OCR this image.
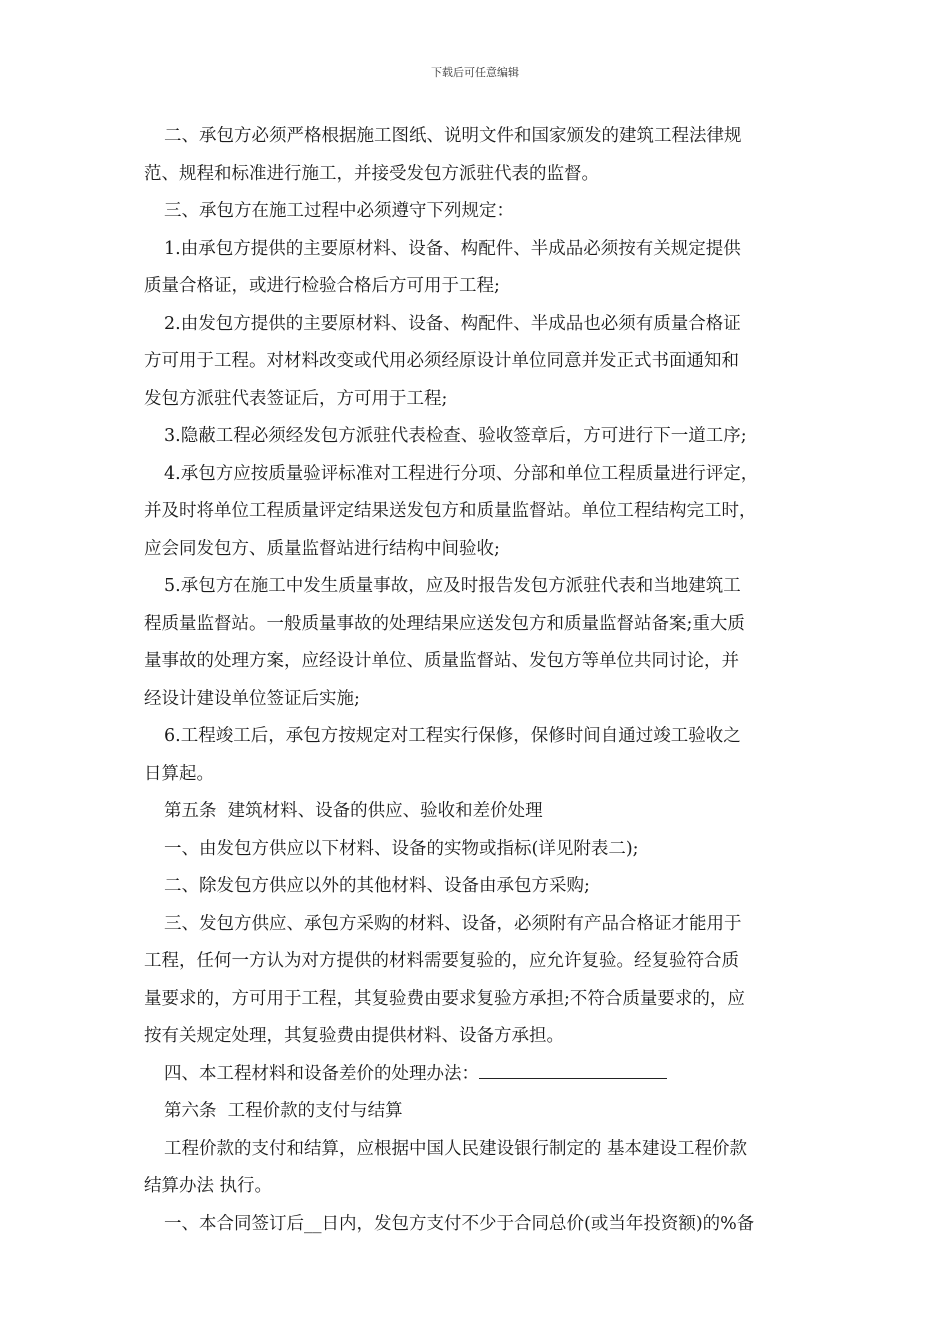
下载后可任意编辑
二、承包方必须严格根据施工图纸、说明文件和国家颁发的建筑工程法律规
范、规程和标准进行施工，并接受发包方派驻代表的监督。
三、承包方在施工过程中必须遵守下列规定：
1.由承包方提供的主要原材料、设备、构配件、半成品必须按有关规定提供
质量合格证，或进行检验合格后方可用于工程;
2.由发包方提供的主要原材料、设备、构配件、半成品也必须有质量合格证
方可用于工程。对材料改变或代用必须经原设计单位同意并发正式书面通知和
发包方派驻代表签证后，方可用于工程;
3.隐蔽工程必须经发包方派驻代表检查、验收签章后，方可进行下一道工序;
4.承包方应按质量验评标准对工程进行分项、分部和单位工程质量进行评定，
并及时将单位工程质量评定结果送发包方和质量监督站。单位工程结构完工时，
应会同发包方、质量监督站进行结构中间验收;
5.承包方在施工中发生质量事故，应及时报告发包方派驻代表和当地建筑工
程质量监督站。一般质量事故的处理结果应送发包方和质量监督站备案;重大质
量事故的处理方案，应经设计单位、质量监督站、发包方等单位共同讨论，并
经设计建设单位签证后实施;
6.工程竣工后，承包方按规定对工程实行保修，保修时间自通过竣工验收之
日算起。
第五条  建筑材料、设备的供应、验收和差价处理
一、由发包方供应以下材料、设备的实物或指标(详见附表二);
二、除发包方供应以外的其他材料、设备由承包方采购;
三、发包方供应、承包方采购的材料、设备，必须附有产品合格证才能用于
工程，任何一方认为对方提供的材料需要复验的，应允许复验。经复验符合质
量要求的，方可用于工程，其复验费由要求复验方承担;不符合质量要求的，应
按有关规定处理，其复验费由提供材料、设备方承担。
四、本工程材料和设备差价的处理办法：
第六条  工程价款的支付与结算
工程价款的支付和结算，应根据中国人民建设银行制定的 基本建设工程价款
结算办法 执行。
一、本合同签订后__日内，发包方支付不少于合同总价(或当年投资额)的%备
